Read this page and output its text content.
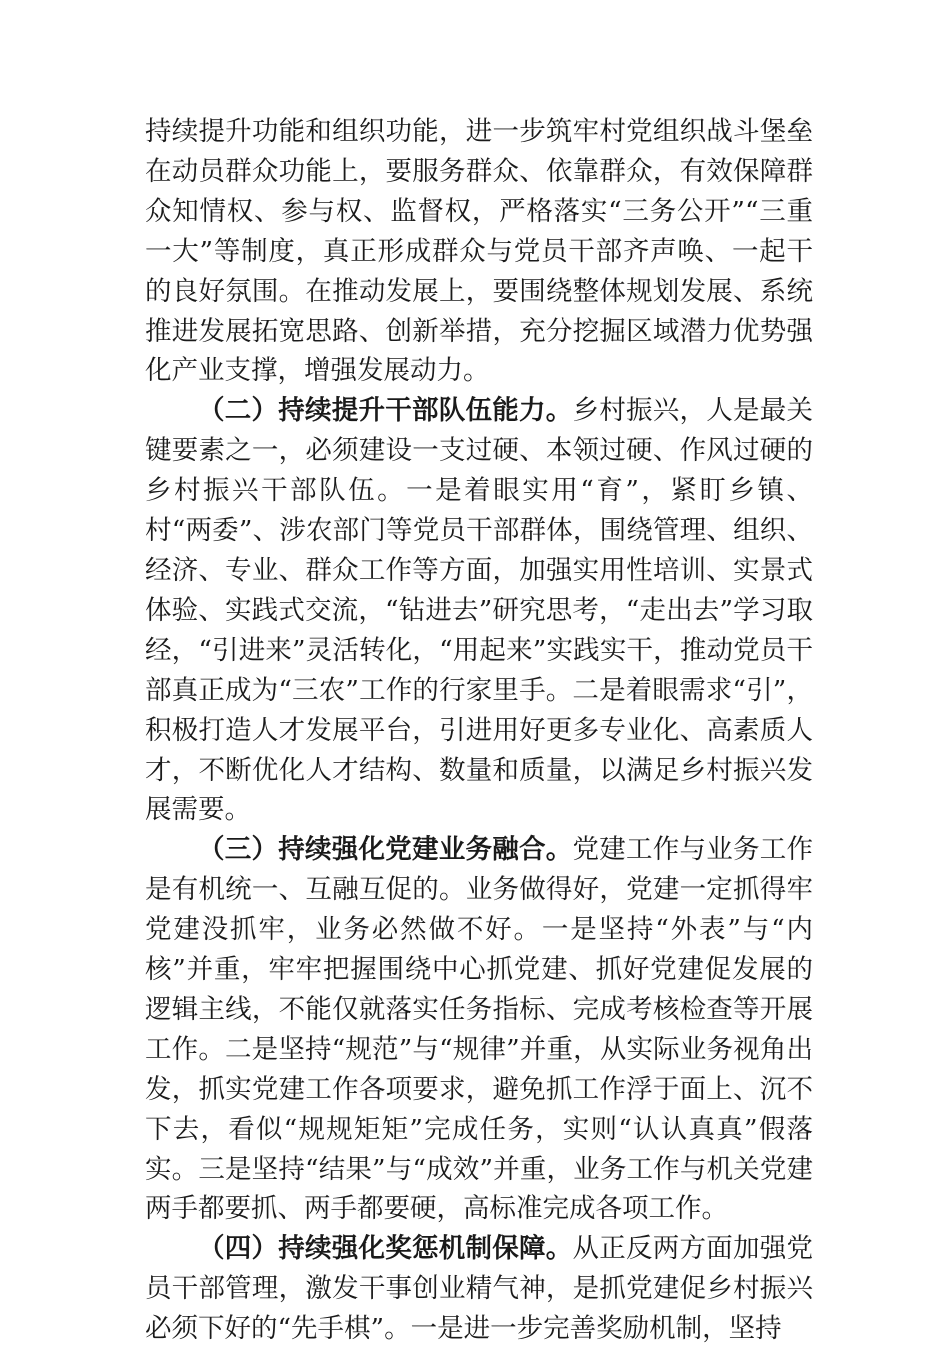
持续提升功能和组织功能，进一步筑牢村党组织战斗堡垒在动员群众功能上，要服务群众、依靠群众，有效保障群众知情权、参与权、监督权，严格落实“三务公开”“三重一大”等制度，真正形成群众与党员干部齐声唤、一起干的良好氛围。在推动发展上，要围绕整体规划发展、系统推进发展拓宽思路、创新举措，充分挖掘区域潜力优势强化产业支撑，增强发展动力。

（二）持续提升干部队伍能力。乡村振兴，人是最关键要素之一，必须建设一支过硬、本领过硬、作风过硬的乡村振兴干部队伍。一是着眼实用“育”，紧盯乡镇、村“两委”、涉农部门等党员干部群体，围绕管理、组织、经济、专业、群众工作等方面，加强实用性培训、实景式体验、实践式交流，“钻进去”研究思考，“走出去”学习取经，“引进来”灵活转化，“用起来”实践实干，推动党员干部真正成为“三农”工作的行家里手。二是着眼需求“引”，积极打造人才发展平台，引进用好更多专业化、高素质人才，不断优化人才结构、数量和质量，以满足乡村振兴发展需要。

（三）持续强化党建业务融合。党建工作与业务工作是有机统一、互融互促的。业务做得好，党建一定抓得牢党建没抓牢，业务必然做不好。一是坚持“外表”与“内核”并重，牢牢把握围绕中心抓党建、抓好党建促发展的逻辑主线，不能仅就落实任务指标、完成考核检查等开展工作。二是坚持“规范”与“规律”并重，从实际业务视角出发，抓实党建工作各项要求，避免抓工作浮于面上、沉不下去，看似“规规矩矩”完成任务，实则“认认真真”假落实。三是坚持“结果”与“成效”并重，业务工作与机关党建两手都要抓、两手都要硬，高标准完成各项工作。

（四）持续强化奖惩机制保障。从正反两方面加强党员干部管理，激发干事创业精气神，是抓党建促乡村振兴必须下好的“先手棋”。一是进一步完善奖励机制，坚持
